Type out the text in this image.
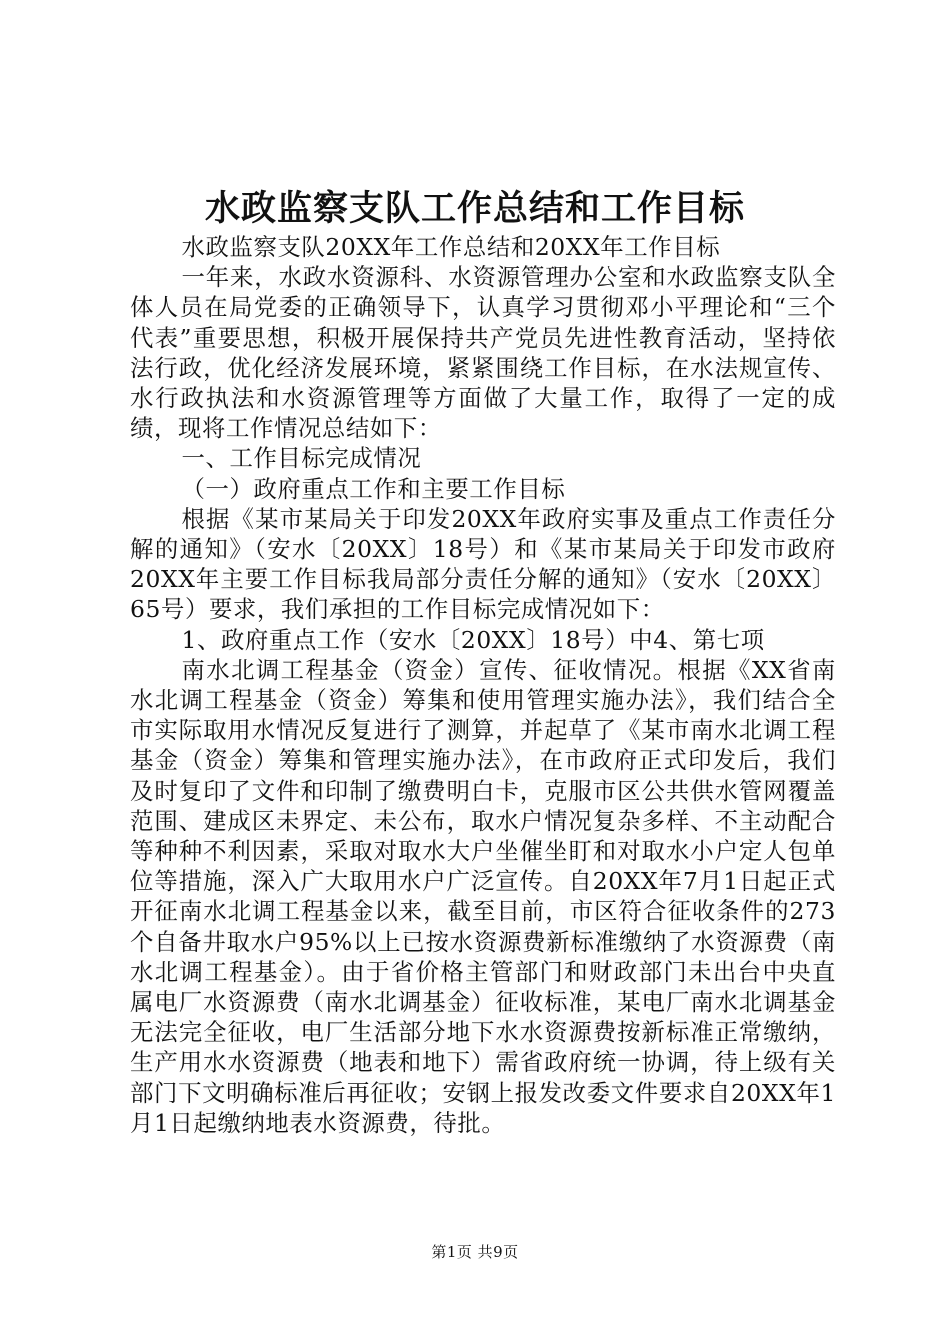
水政监察支队工作总结和工作目标

水政监察支队20XX年工作总结和20XX年工作目标

一年来，水政水资源科、水资源管理办公室和水政监察支队全体人员在局党委的正确领导下，认真学习贯彻邓小平理论和“三个代表”重要思想，积极开展保持共产党员先进性教育活动，坚持依法行政，优化经济发展环境，紧紧围绕工作目标，在水法规宣传、水行政执法和水资源管理等方面做了大量工作，取得了一定的成绩，现将工作情况总结如下：

一、工作目标完成情况

（一）政府重点工作和主要工作目标

根据《某市某局关于印发20XX年政府实事及重点工作责任分解的通知》（安水〔20XX〕18号）和《某市某局关于印发市政府20XX年主要工作目标我局部分责任分解的通知》（安水〔20XX〕65号）要求，我们承担的工作目标完成情况如下：

1、政府重点工作（安水〔20XX〕18号）中4、第七项

南水北调工程基金（资金）宣传、征收情况。根据《XX省南水北调工程基金（资金）筹集和使用管理实施办法》，我们结合全市实际取用水情况反复进行了测算，并起草了《某市南水北调工程基金（资金）筹集和管理实施办法》，在市政府正式印发后，我们及时复印了文件和印制了缴费明白卡，克服市区公共供水管网覆盖范围、建成区未界定、未公布，取水户情况复杂多样、不主动配合等种种不利因素，采取对取水大户坐催坐盯和对取水小户定人包单位等措施，深入广大取用水户广泛宣传。自20XX年7月1日起正式开征南水北调工程基金以来，截至目前，市区符合征收条件的273个自备井取水户95%以上已按水资源费新标准缴纳了水资源费（南水北调工程基金）。由于省价格主管部门和财政部门未出台中央直属电厂水资源费（南水北调基金）征收标准，某电厂南水北调基金无法完全征收，电厂生活部分地下水水资源费按新标准正常缴纳，生产用水水资源费（地表和地下）需省政府统一协调，待上级有关部门下文明确标准后再征收；安钢上报发改委文件要求自20XX年1月1日起缴纳地表水资源费，待批。

第1页 共9页
